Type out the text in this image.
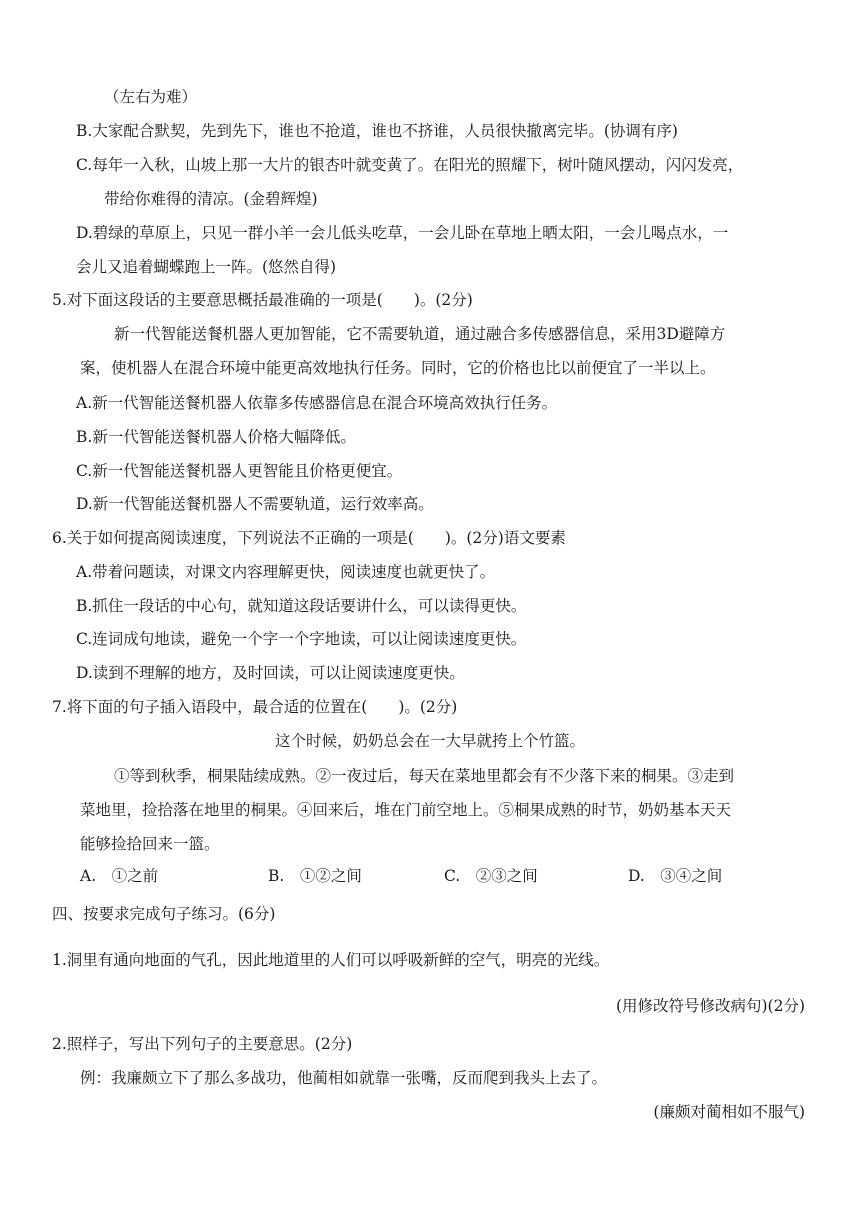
（左右为难）
B.大家配合默契，先到先下，谁也不抢道，谁也不挤谁，人员很快撤离完毕。(协调有序)
C.每年一入秋，山坡上那一大片的银杏叶就变黄了。在阳光的照耀下，树叶随风摆动，闪闪发亮，
带给你难得的清凉。(金碧辉煌)
D.碧绿的草原上，只见一群小羊一会儿低头吃草，一会儿卧在草地上晒太阳，一会儿喝点水，一
会儿又追着蝴蝶跑上一阵。(悠然自得)
5.对下面这段话的主要意思概括最准确的一项是(　　)。(2分)
新一代智能送餐机器人更加智能，它不需要轨道，通过融合多传感器信息，采用3D避障方
案，使机器人在混合环境中能更高效地执行任务。同时，它的价格也比以前便宜了一半以上。
A.新一代智能送餐机器人依靠多传感器信息在混合环境高效执行任务。
B.新一代智能送餐机器人价格大幅降低。
C.新一代智能送餐机器人更智能且价格更便宜。
D.新一代智能送餐机器人不需要轨道，运行效率高。
6.关于如何提高阅读速度，下列说法不正确的一项是(　　)。(2分)语文要素
A.带着问题读，对课文内容理解更快，阅读速度也就更快了。
B.抓住一段话的中心句，就知道这段话要讲什么，可以读得更快。
C.连词成句地读，避免一个字一个字地读，可以让阅读速度更快。
D.读到不理解的地方，及时回读，可以让阅读速度更快。
7.将下面的句子插入语段中，最合适的位置在(　　)。(2分)
这个时候，奶奶总会在一大早就挎上个竹篮。
①等到秋季，桐果陆续成熟。②一夜过后，每天在菜地里都会有不少落下来的桐果。③走到
菜地里，捡拾落在地里的桐果。④回来后，堆在门前空地上。⑤桐果成熟的时节，奶奶基本天天
能够捡拾回来一篮。
A.　①之前	B.　①②之间	C.　②③之间	D.　③④之间
四、按要求完成句子练习。(6分)
1.洞里有通向地面的气孔，因此地道里的人们可以呼吸新鲜的空气，明亮的光线。
(用修改符号修改病句)(2分)
2.照样子，写出下列句子的主要意思。(2分)
例：我廉颇立下了那么多战功，他蔺相如就靠一张嘴，反而爬到我头上去了。
(廉颇对蔺相如不服气)
